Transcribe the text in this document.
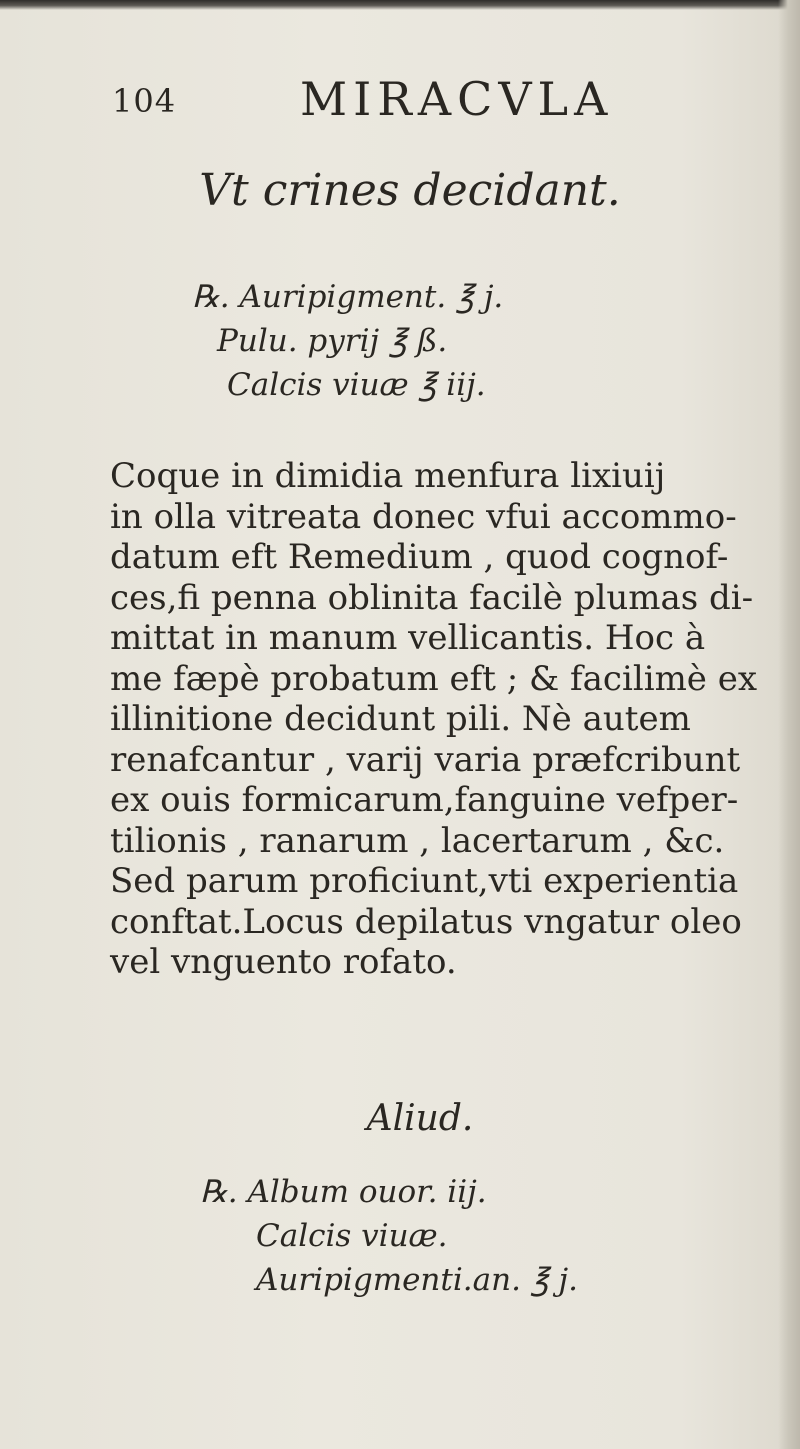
104	MIRACVLA
Vt crines decidant.
℞. Auripigment. ℥ j.
Pulu. pyrij ℥ ß.
Calcis viuæ ℥ iij.
Coque in dimidia menfura lixiuij
in olla vitreata donec vfui accommo-
datum eft Remedium , quod cognof-
ces,fi penna oblinita facilè plumas di-
mittat in manum vellicantis. Hoc à
me fæpè probatum eft ; & facilimè ex
illinitione decidunt pili. Nè autem
renafcantur , varij varia præfcribunt
ex ouis formicarum,fanguine vefper-
tilionis , ranarum , lacertarum , &c.
Sed parum proficiunt,vti experientia
conftat.Locus depilatus vngatur oleo
vel vnguento rofato.
Aliud.
℞. Album ouor. iij.
Calcis viuæ.
Auripigmenti.an. ℥ j.
